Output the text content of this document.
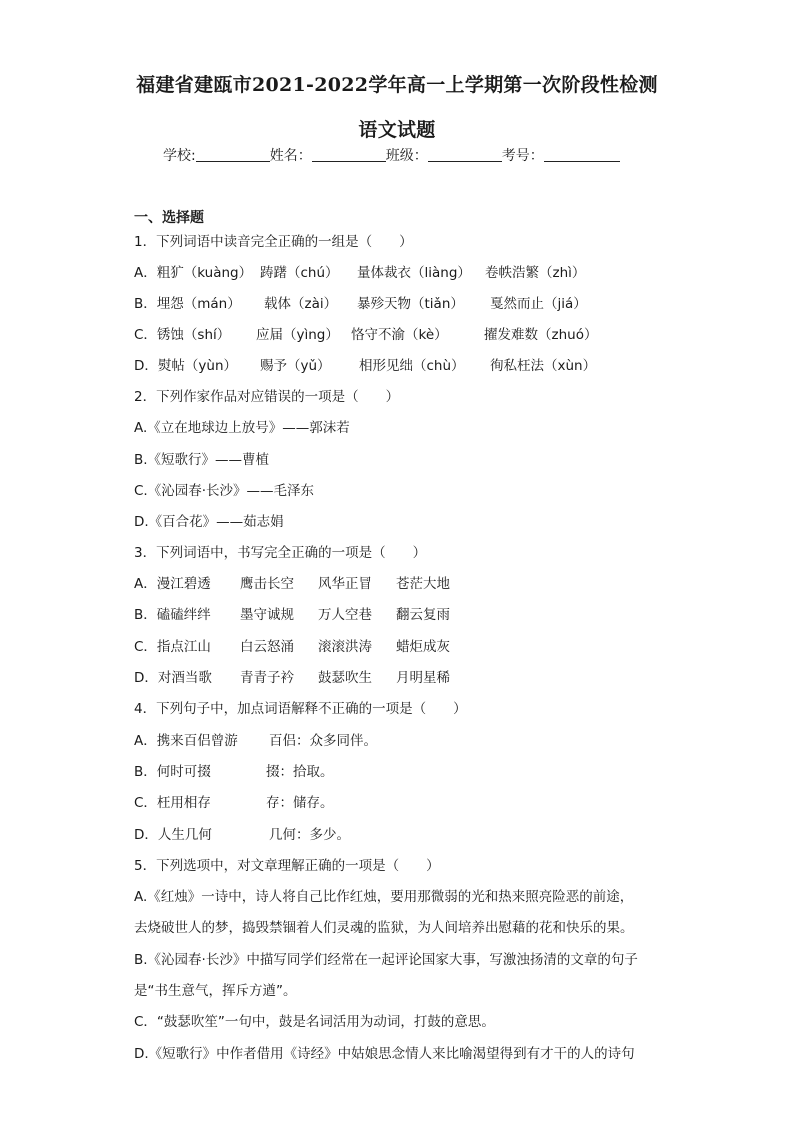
福建省建瓯市2021-2022学年高一上学期第一次阶段性检测
语文试题
学校:	姓名：	班级：	考号：
一、选择题
1．下列词语中读音完全正确的一组是（　　）
A．粗犷（kuàng） 踌躇（chú） 量体裁衣（liàng） 卷帙浩繁（zhì）
B．埋怨（mán） 载体（zài） 暴殄天物（tiǎn） 戛然而止（jiá）
C．锈蚀（shí） 应届（yìng） 恪守不渝（kè）	擢发难数（zhuó）
D．熨帖（yùn） 赐予（yǔ） 相形见绌（chù） 徇私枉法（xùn）
2．下列作家作品对应错误的一项是（　　）
A.《立在地球边上放号》——郭沫若
B.《短歌行》——曹植
C.《沁园春·长沙》——毛泽东
D.《百合花》——茹志娟
3．下列词语中，书写完全正确的一项是（　　）
A．漫江碧透 鹰击长空 风华正冒 苍茫大地
B．磕磕绊绊 墨守诚规 万人空巷 翻云复雨
C．指点江山 白云怒涌 滚滚洪涛 蜡炬成灰
D．对酒当歌 青青子衿 鼓瑟吹生 月明星稀
4．下列句子中，加点词语解释不正确的一项是（　　）
A．携来百侣曾游 百侣：众多同伴。
B．何时可掇	掇：拾取。
C．枉用相存	存：储存。
D．人生几何	几何：多少。
5．下列选项中，对文章理解正确的一项是（　　）
A.《红烛》一诗中，诗人将自己比作红烛，要用那微弱的光和热来照亮险恶的前途，
去烧破世人的梦，捣毁禁锢着人们灵魂的监狱，为人间培养出慰藉的花和快乐的果。
B.《沁园春·长沙》中描写同学们经常在一起评论国家大事，写激浊扬清的文章的句子
是“书生意气，挥斥方遒”。
C．“鼓瑟吹笙”一句中，鼓是名词活用为动词，打鼓的意思。
D.《短歌行》中作者借用《诗经》中姑娘思念情人来比喻渴望得到有才干的人的诗句
